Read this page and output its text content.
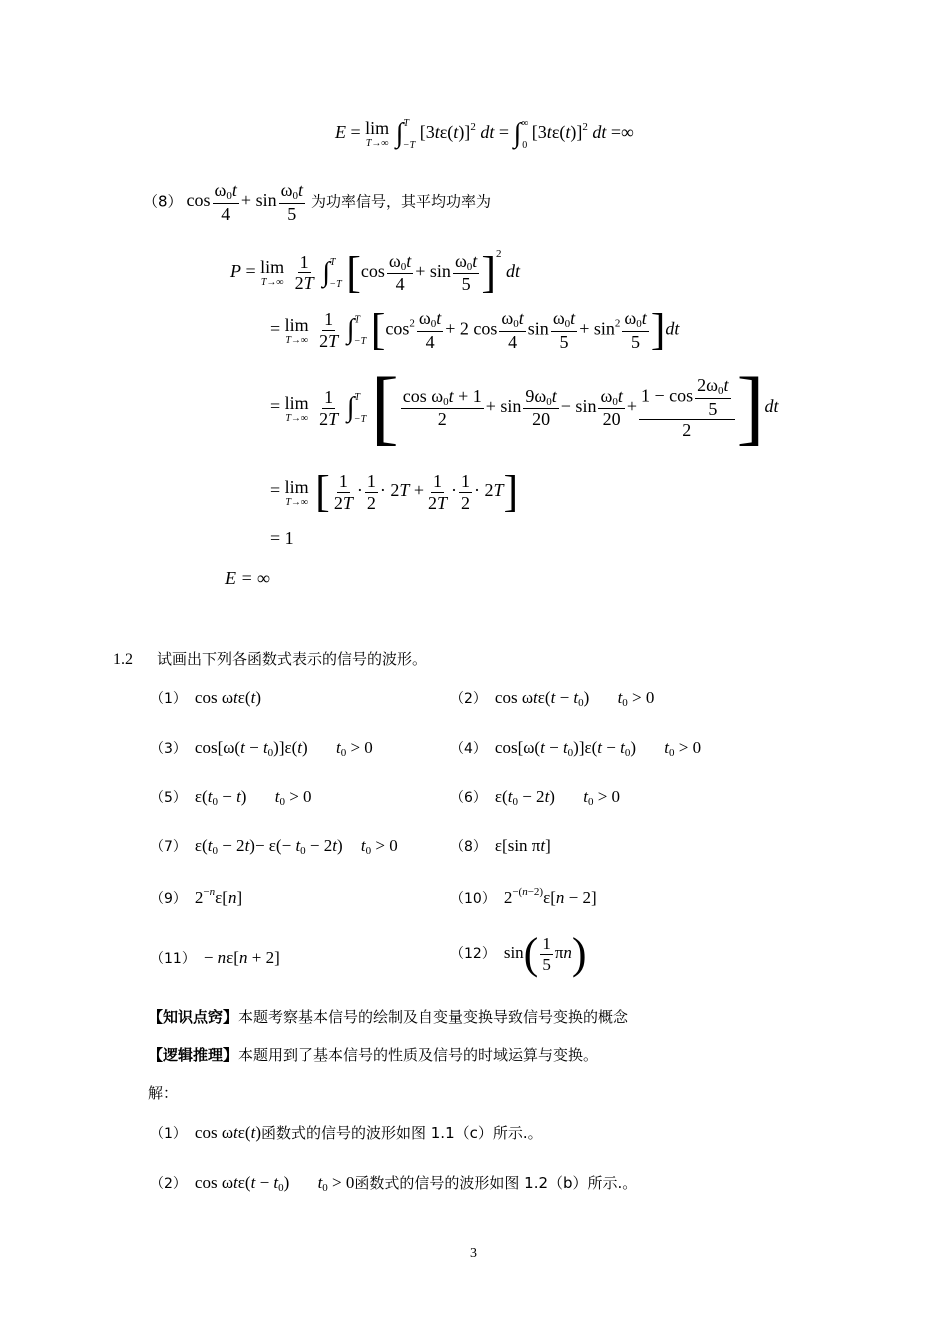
E = lim
T→∞ ∫$^T_{-T}$ $[3t\varepsilon(t)]^2$ dt = $\int^\infty_0$ $[3t\varepsilon(t)]^2$ dt =∞
（8） $\cos \frac{\omega_0t}{4} + \sin \frac{\omega_0t}{5}$ 为功率信号，其平均功率为
P = lim
T→∞
$\frac{1}{2T} \int^T_{-T}$ $[\cos \frac{\omega_0t}{4} + \sin \frac{\omega_0t}{5} ]^2$ dt
= lim
T→∞
$\frac{1}{2T} \int^T_{-T}$ [$\cos^2 \frac{\omega_0t}{4} + 2$ $\cos \frac{\omega_0t}{4}$ $\sin \frac{\omega_0t}{5} + \sin^2 \frac{\omega_0t}{5} ]dt$
= lim
T→∞
$\frac{1}{2T} \int^T_{-T}$ [ $\frac{\cos \omega_0t + 1}{2} + \sin \frac{9\omega_0t}{20} - \sin \frac{\omega_0t}{20} + \frac{1 - \cos \frac{2\omega_0t}{5}}{2} ]dt$
= lim
T→∞ [ $\frac{1}{2T} \cdot \frac{1}{2} \cdot 2T + \frac{1}{2T} \cdot \frac{1}{2} \cdot 2T$]
= 1
E = ∞
1.2 试画出下列各函数式表示的信号的波形。
（1） cos ωtε(t)	（2） $\cos \omega t\varepsilon(t - t_0)$ $t_0 > 0$
（3） $\cos[\omega(t - t_0)]\varepsilon(t)$ $t_0 > 0$	（4） $\cos[\omega(t - t_0)]\varepsilon(t - t_0)$ $t_0 > 0$
（5） $\varepsilon(t_0 - t) t_0 > 0$	（6） $\varepsilon(t_0 - 2t) t_0 > 0$
（7） $\varepsilon(t_0 - 2t)- \varepsilon(- t_0 - 2t) t_0 > 0$	（8） ε[sin πt]
（9） $2^{-n}\varepsilon[n]$	（10） $2^{-(n-2)}\varepsilon[n - 2]$
（11） − nε[n + 2]	（12） $\sin( \frac{1}{5} \pi n)$
【知识点窍】本题考察基本信号的绘制及自变量变换导致信号变换的概念
【逻辑推理】本题用到了基本信号的性质及信号的时域运算与变换。
解：
（1） cos ωtε(t)函数式的信号的波形如图 1.1（c）所示.。
（2） $\cos \omega t\varepsilon(t - t_0)$ $t_0 > 0$函数式的信号的波形如图 1.2（b）所示.。
3
